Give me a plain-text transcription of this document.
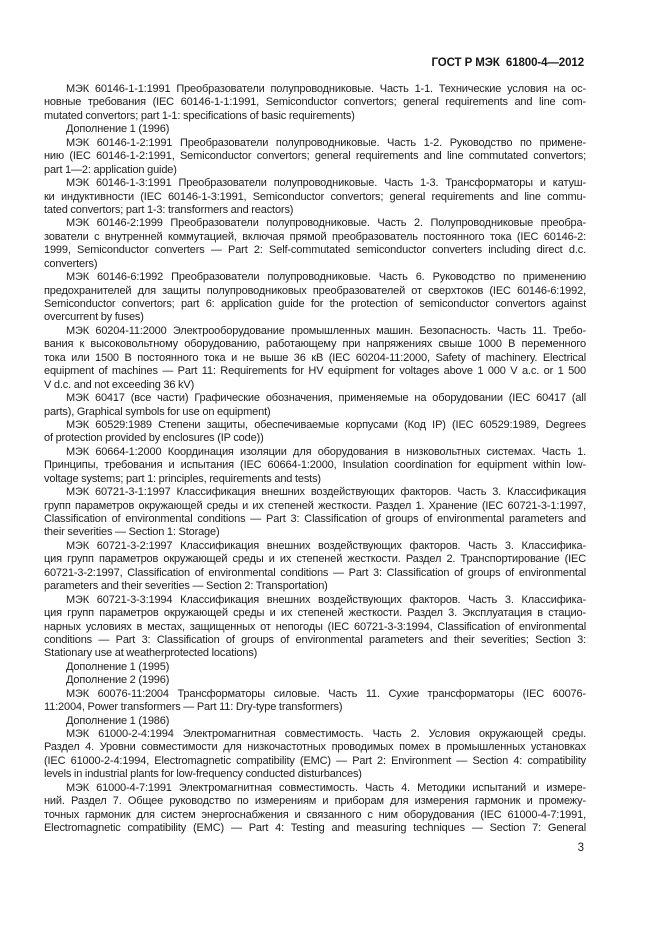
ГОСТ Р МЭК  61800-4—2012
МЭК 60146-1-1:1991 Преобразователи полупроводниковые. Часть 1-1. Технические условия на ос-
новные требования (IEC 60146-1-1:1991, Semiconductor convertors; general requirements and line com-
mutated convertors; part 1-1: specifications of basic requirements)
Дополнение 1 (1996)
МЭК 60146-1-2:1991 Преобразователи полупроводниковые. Часть 1-2. Руководство по примене-
нию (IEC 60146-1-2:1991, Semiconductor convertors; general requirements and line commutated convertors;
part 1—2: application guide)
МЭК 60146-1-3:1991 Преобразователи полупроводниковые. Часть 1-3. Трансформаторы и катуш-
ки индуктивности (IEC 60146-1-3:1991, Semiconductor convertors; general requirements and line commu-
tated convertors; part 1-3: transformers and reactors)
МЭК 60146-2:1999 Преобразователи полупроводниковые. Часть 2. Полупроводниковые преобра-
зователи с внутренней коммутацией, включая прямой преобразователь постоянного тока (IEC 60146-2:
1999, Semiconductor converters — Part 2: Self-commutated semiconductor converters including direct d.c.
converters)
МЭК 60146-6:1992 Преобразователи полупроводниковые. Часть 6. Руководство по применению
предохранителей для защиты полупроводниковых преобразователей от сверхтоков (IEC 60146-6:1992,
Semiconductor convertors; part 6: application guide for the protection of semiconductor convertors against
overcurrent by fuses)
МЭК 60204-11:2000 Электрооборудование промышленных машин. Безопасность. Часть 11. Требо-
вания к высоковольтному оборудованию, работающему при напряжениях свыше 1000 В переменного
тока или 1500 В постоянного тока и не выше 36 кВ (IEC 60204-11:2000, Safety of machinery. Electrical
equipment of machines — Part 11: Requirements for HV equipment for voltages above 1 000 V a.c. or 1 500
V d.c. and not exceeding 36 kV)
МЭК 60417 (все части) Графические обозначения, применяемые на оборудовании (IEC 60417 (all
parts), Graphical symbols for use on equipment)
МЭК 60529:1989 Степени защиты, обеспечиваемые корпусами (Код IP) (IEC 60529:1989, Degrees
of protection provided by enclosures (IP code))
МЭК 60664-1:2000 Координация изоляции для оборудования в низковольтных системах. Часть 1.
Принципы, требования и испытания (IEC 60664-1:2000, Insulation coordination for equipment within low-
voltage systems; part 1: principles, requirements and tests)
МЭК 60721-3-1:1997 Классификация внешних воздействующих факторов. Часть 3. Классификация
групп параметров окружающей среды и их степеней жесткости. Раздел 1. Хранение (IEC 60721-3-1:1997,
Classification of environmental conditions — Part 3: Classification of groups of environmental parameters and
their severities — Section 1: Storage)
МЭК 60721-3-2:1997 Классификация внешних воздействующих факторов. Часть 3. Классифика-
ция групп параметров окружающей среды и их степеней жесткости. Раздел 2. Транспортирование (IEC
60721-3-2:1997, Classification of environmental conditions — Part 3: Classification of groups of environmental
parameters and their severities — Section 2: Transportation)
МЭК 60721-3-3:1994 Классификация внешних воздействующих факторов. Часть 3. Классифика-
ция групп параметров окружающей среды и их степеней жесткости. Раздел 3. Эксплуатация в стацио-
нарных условиях в местах, защищенных от непогоды (IEC 60721-3-3:1994, Classification of environmental
conditions — Part 3: Classification of groups of environmental parameters and their severities; Section 3:
Stationary use at weatherprotected locations)
Дополнение 1 (1995)
Дополнение 2 (1996)
МЭК 60076-11:2004 Трансформаторы силовые. Часть 11. Сухие трансформаторы (IEC 60076-
11:2004, Power transformers — Part 11: Dry-type transformers)
Дополнение 1 (1986)
МЭК 61000-2-4:1994 Электромагнитная совместимость. Часть 2. Условия окружающей среды.
Раздел 4. Уровни совместимости для низкочастотных проводимых помех в промышленных установках
(IEC 61000-2-4:1994, Electromagnetic compatibility (EMC) — Part 2: Environment — Section 4: compatibility
levels in industrial plants for low-frequency conducted disturbances)
МЭК 61000-4-7:1991 Электромагнитная совместимость. Часть 4. Методики испытаний и измере-
ний. Раздел 7. Общее руководство по измерениям и приборам для измерения гармоник и промежу-
точных гармоник для систем энергоснабжения и связанного с ним оборудования (IEC 61000-4-7:1991,
Electromagnetic compatibility (EMC) — Part 4: Testing and measuring techniques — Section 7: General
3
